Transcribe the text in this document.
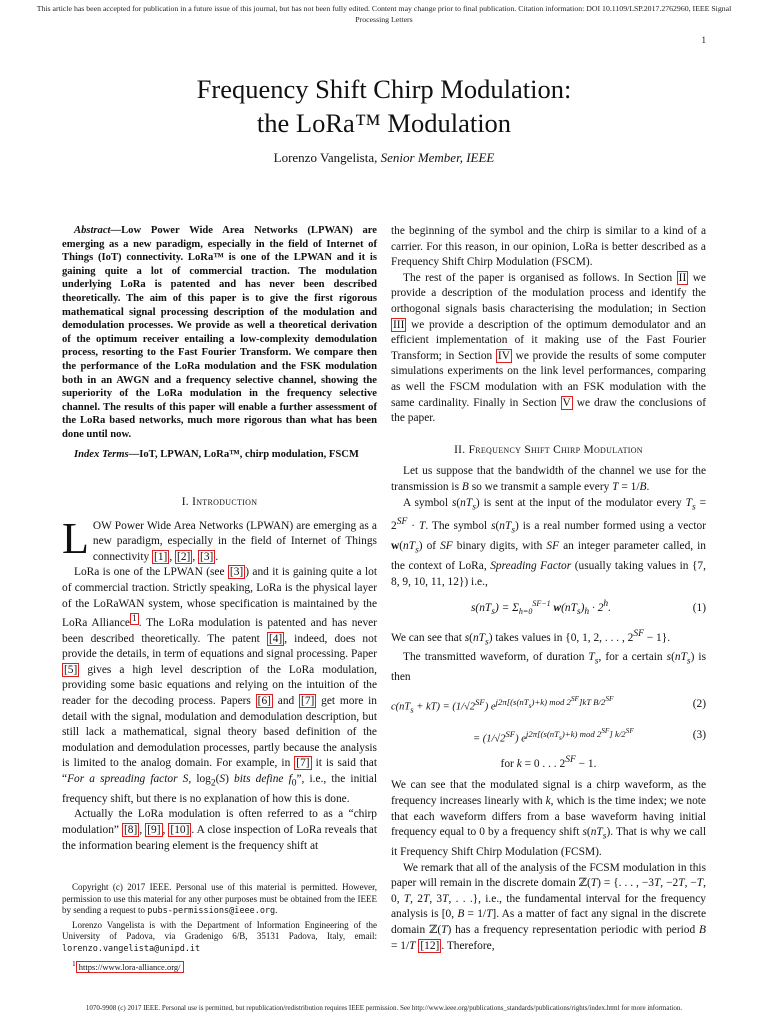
This article has been accepted for publication in a future issue of this journal, but has not been fully edited. Content may change prior to final publication. Citation information: DOI 10.1109/LSP.2017.2762960, IEEE Signal Processing Letters
1
Frequency Shift Chirp Modulation:
the LoRa™ Modulation
Lorenzo Vangelista, Senior Member, IEEE

Abstract—Low Power Wide Area Networks (LPWAN) are emerging as a new paradigm, especially in the field of Internet of Things (IoT) connectivity. LoRa™ is one of the LPWAN and it is gaining quite a lot of commercial traction. The modulation underlying LoRa is patented and has never been described theoretically. The aim of this paper is to give the first rigorous mathematical signal processing description of the modulation and demodulation processes. We provide as well a theoretical derivation of the optimum receiver entailing a low-complexity demodulation process, resorting to the Fast Fourier Transform. We compare then the performance of the LoRa modulation and the FSK modulation both in an AWGN and a frequency selective channel, showing the superiority of the LoRa modulation in the frequency selective channel. The results of this paper will enable a further assessment of the LoRa based networks, much more rigorous than what has been done until now.

Index Terms—IoT, LPWAN, LoRa™, chirp modulation, FSCM

I. Introduction

LOW Power Wide Area Networks (LPWAN) are emerging as a new paradigm, especially in the field of Internet of Things connectivity [1] , [2] , [3] .

LoRa is one of the LPWAN (see [3] ) and it is gaining quite a lot of commercial traction. Strictly speaking, LoRa is the physical layer of the LoRaWAN system, whose specification is maintained by the LoRa Alliance $^1$ . The LoRa modulation is patented and has never been described theoretically. The patent [4] , indeed, does not provide the details, in term of equations and signal processing. Paper [5] gives a high level description of the LoRa modulation, providing some basic equations and relying on the intuition of the reader for the decoding process. Papers [6] and [7] get more in detail with the signal, modulation and demodulation description, but still lack a mathematical, signal theory based definition of the modulation and demodulation processes, partly because the analysis is limited to the analog domain. For example, in [7] it is said that “For a spreading factor S, $\log_2(S)$ bits define $f_0$”, i.e., the initial frequency shift, but there is no explanation of how this is done.

Actually the LoRa modulation is often referred to as a “chirp modulation” [8] , [9] , [10] . A close inspection of LoRa reveals that the information bearing element is the frequency shift at

Copyright (c) 2017 IEEE. Personal use of this material is permitted. However, permission to use this material for any other purposes must be obtained from the IEEE by sending a request to pubs-permissions@ieee.org.

Lorenzo Vangelista is with the Department of Information Engineering of the University of Padova, via Gradenigo 6/B, 35131 Padova, Italy, email: lorenzo.vangelista@unipd.it

$^1$ https://www.lora-alliance.org/

the beginning of the symbol and the chirp is similar to a kind of a carrier. For this reason, in our opinion, LoRa is better described as a Frequency Shift Chirp Modulation (FSCM).

The rest of the paper is organised as follows. In Section II we provide a description of the modulation process and identify the orthogonal signals basis characterising the modulation; in Section III we provide a description of the optimum demodulator and an efficient implementation of it making use of the Fast Fourier Transform; in Section IV we provide the results of some computer simulations experiments on the link level performances, comparing as well the FSCM modulation with an FSK modulation with the same cardinality. Finally in Section V we draw the conclusions of the paper.

II. Frequency Shift Chirp Modulation

Let us suppose that the bandwidth of the channel we use for the transmission is B so we transmit a sample every T = 1/B.

A symbol $s(nT_s)$ is sent at the input of the modulator every $T_s = 2^{SF} \cdot T$. The symbol $s(nT_s)$ is a real number formed using a vector $w(nT_s)$ of SF binary digits, with SF an integer parameter called, in the context of LoRa, Spreading Factor (usually taking values in {7, 8, 9, 10, 11, 12}) i.e.,

$s(nT_s) = \Sigma_{h=0}^{SF-1}$ $w(nT_s)_h \cdot 2^h$.	(1)

We can see that $s(nT_s)$ takes values in {0, 1, 2, . . . , $2^{SF} - 1$}.

The transmitted waveform, of duration $T_s$, for a certain $s(nT_s)$ is then

$c(nT_s + kT) = (1/√2^{SF})$ $e^{j2\pi[(s(nT_s)+k) mod 2^{SF}]kT B/2^{SF}}$	(2)
= $(1/√2^{SF})$ $e^{j2\pi[(s(nT_s)+k) mod 2^{SF}] k/2^{SF}}$	(3)
for k = 0 . . . $2^{SF} - 1$.

We can see that the modulated signal is a chirp waveform, as the frequency increases linearly with k, which is the time index; we note that each waveform differs from a base waveform having initial frequency equal to 0 by a frequency shift $s(nT_s)$. That is why we call it Frequency Shift Chirp Modulation (FCSM).

We remark that all of the analysis of the FCSM modulation in this paper will remain in the discrete domain ℤ(T) = {. . . , −3T, −2T, −T, 0, T, 2T, 3T, . . .}, i.e., the fundamental interval for the frequency analysis is [0, B = 1/T]. As a matter of fact any signal in the discrete domain ℤ(T) has a frequency representation periodic with period B = 1/T [12] . Therefore,

1070-9908 (c) 2017 IEEE. Personal use is permitted, but republication/redistribution requires IEEE permission. See http://www.ieee.org/publications_standards/publications/rights/index.html for more information.
